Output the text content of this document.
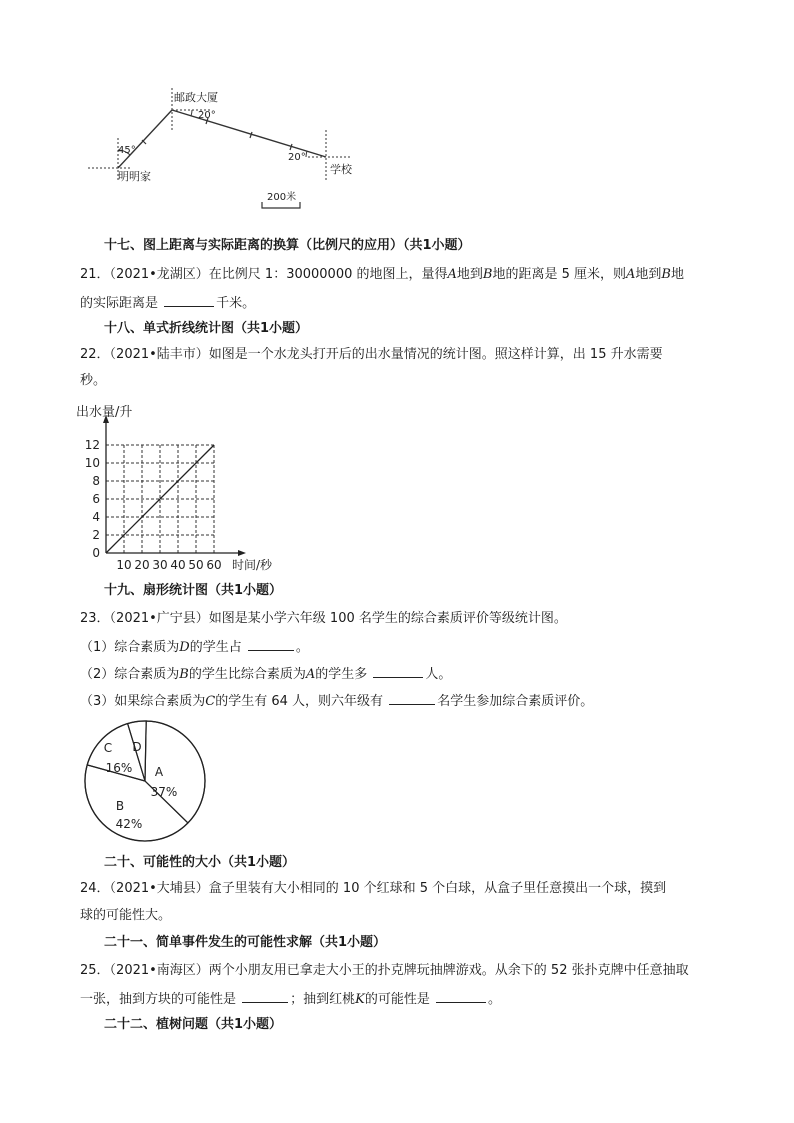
邮政大厦
学校
明明家
45°
20°
20°
200米
十七、图上距离与实际距离的换算（比例尺的应用）（共1小题）
21．（2021•龙湖区）在比例尺 1：30000000 的地图上，量得A地到B地的距离是 5 厘米，则A地到B地
的实际距离是	千米。
十八、单式折线统计图（共1小题）
22．（2021•陆丰市）如图是一个水龙头打开后的出水量情况的统计图。照这样计算，出 15 升水需要
秒。
0
2
4
6
8
10
12
10 20 30 40 50 60
出水量/升
时间/秒
十九、扇形统计图（共1小题）
23．（2021•广宁县）如图是某小学六年级 100 名学生的综合素质评价等级统计图。
（1）综合素质为D的学生占	。
（2）综合素质为B的学生比综合素质为A的学生多	人。
（3）如果综合素质为C的学生有 64 人，则六年级有	名学生参加综合素质评价。
D
A
37%
B
42%
C
16%
二十、可能性的大小（共1小题）
24．（2021•大埔县）盒子里装有大小相同的 10 个红球和 5 个白球，从盒子里任意摸出一个球，摸到
球的可能性大。
二十一、简单事件发生的可能性求解（共1小题）
25．（2021•南海区）两个小朋友用已拿走大小王的扑克牌玩抽牌游戏。从余下的 52 张扑克牌中任意抽取
一张，抽到方块的可能性是	；抽到红桃K的可能性是	。
二十二、植树问题（共1小题）
